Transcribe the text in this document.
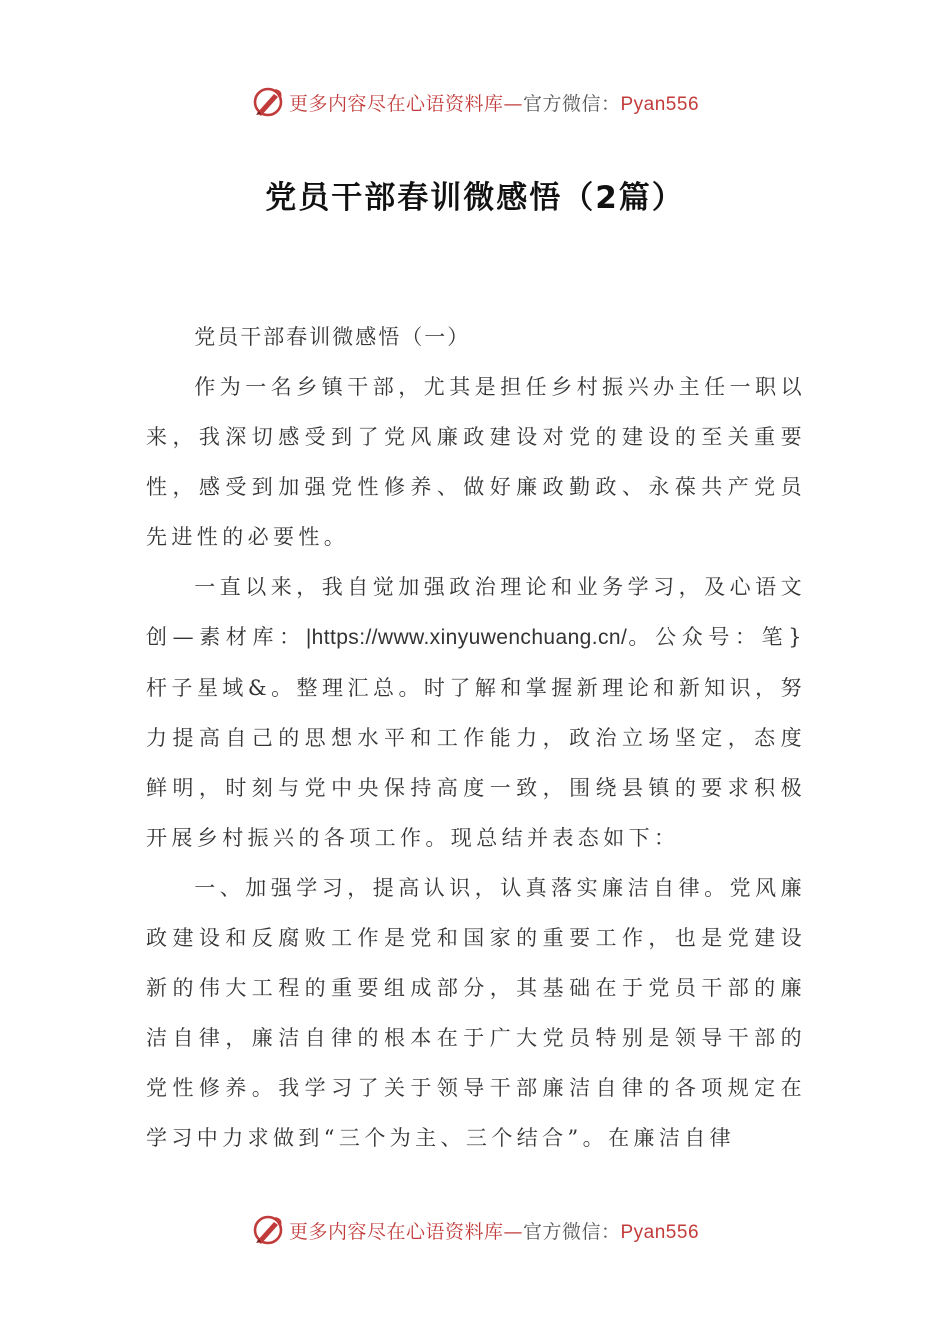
更多内容尽在心语资料库—官方微信：Pyan556
党员干部春训微感悟（2篇）

党员干部春训微感悟（一）

作为一名乡镇干部，尤其是担任乡村振兴办主任一职以来，我深切感受到了党风廉政建设对党的建设的至关重要性，感受到加强党性修养、做好廉政勤政、永葆共产党员先进性的必要性。

一直以来，我自觉加强政治理论和业务学习，及心语文创—素材库：|https://www.xinyuwenchuang.cn/。公众号：笔}杆子星域&。整理汇总。时了解和掌握新理论和新知识，努力提高自己的思想水平和工作能力，政治立场坚定，态度鲜明，时刻与党中央保持高度一致，围绕县镇的要求积极开展乡村振兴的各项工作。现总结并表态如下：

一、加强学习，提高认识，认真落实廉洁自律。党风廉政建设和反腐败工作是党和国家的重要工作，也是党建设新的伟大工程的重要组成部分，其基础在于党员干部的廉洁自律，廉洁自律的根本在于广大党员特别是领导干部的党性修养。我学习了关于领导干部廉洁自律的各项规定在学习中力求做到“三个为主、三个结合”。在廉洁自律

更多内容尽在心语资料库—官方微信：Pyan556
